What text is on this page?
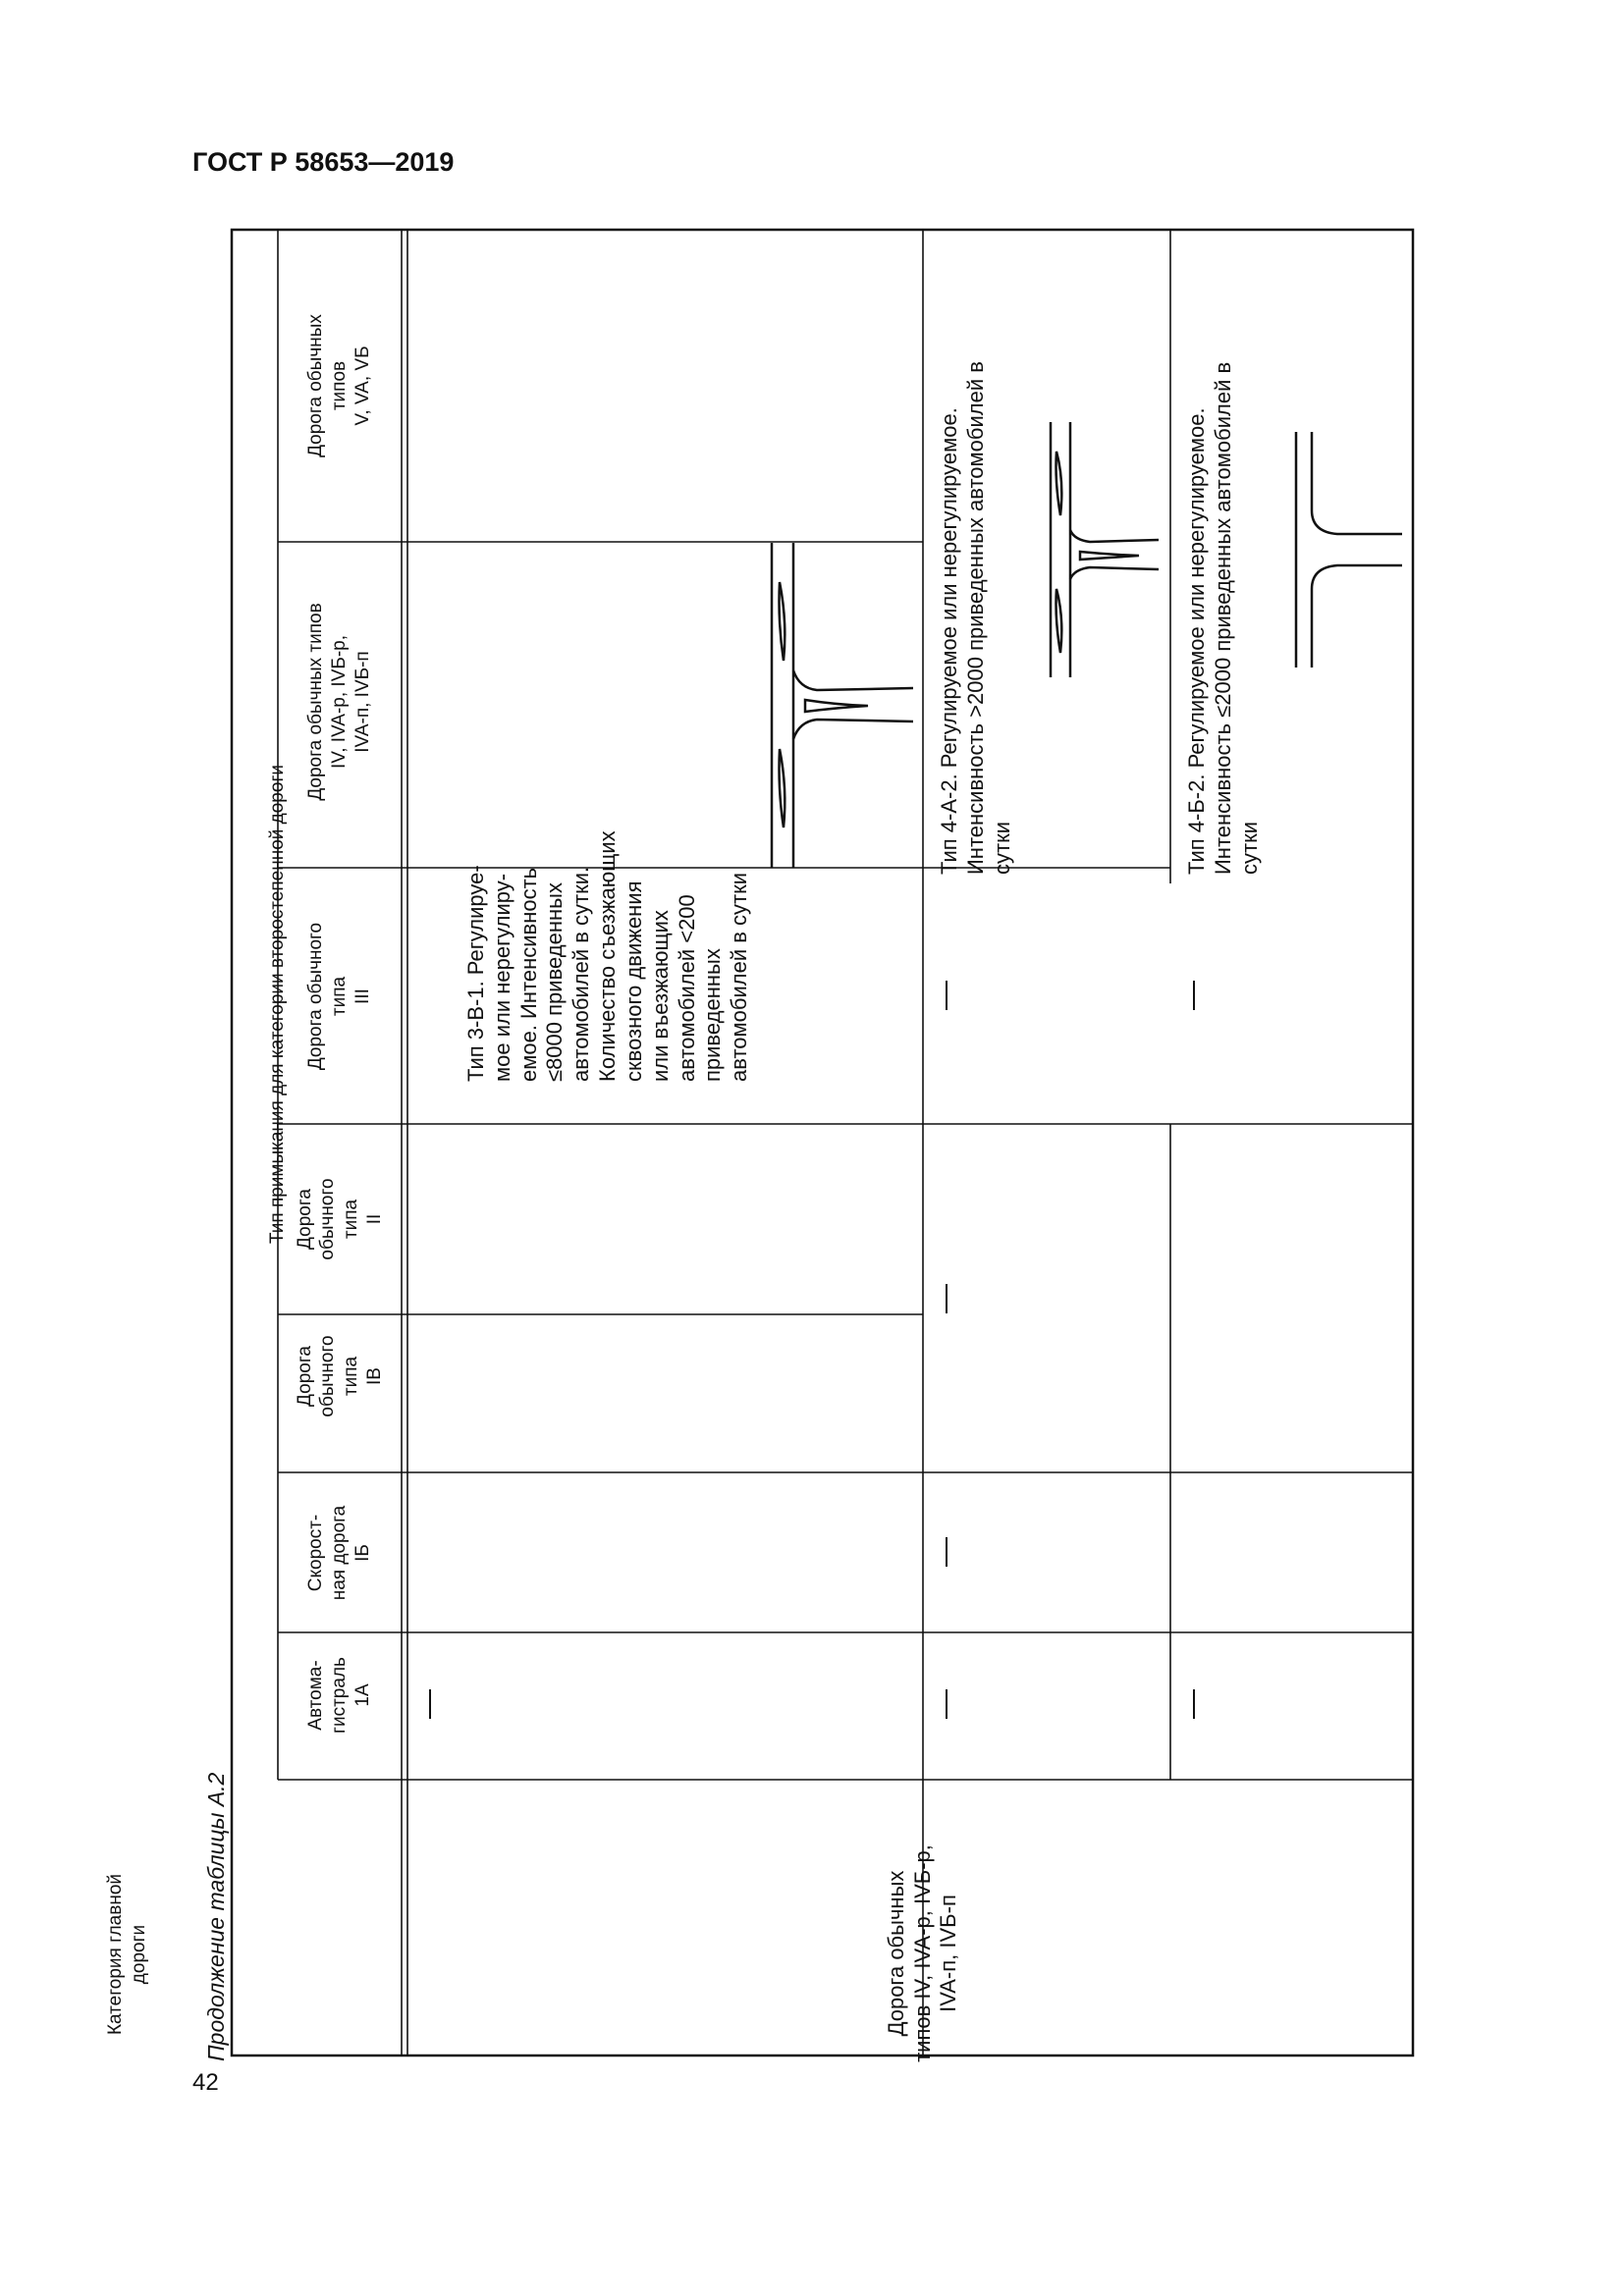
ГОСТ Р 58653—2019
42
Продолжение таблицы А.2
Категория главной
дороги
Тип примыкания для категории второстепенной дороги
Автома-
гистраль
1А
Скорост-
ная дорога
IБ
Дорога
обычного
типа
IВ
Дорога
обычного
типа
II
Дорога обычного
типа
III
Дорога обычных типов
IV, IVA-р, IVБ-р,
IVA-п, IVБ-п
Дорога обычных
типов
V, VA, VБ
Тип 3-В-1. Регулируе-
мое или нерегулиру-
емое. Интенсивность
≤8000 приведенных
автомобилей в сутки.
Количество съезжающих
сквозного движения
или въезжающих
автомобилей <200
приведенных
автомобилей в сутки
Дорога обычных
типов IV, IVA-р, IVБ-р,
IVA-п, IVБ-п
Тип 4-А-2. Регулируемое или нерегулируемое.
Интенсивность >2000 приведенных автомобилей в
сутки	Тип 4-Б-2. Регулируемое или нерегулируемое.
Интенсивность ≤2000 приведенных автомобилей в
сутки
